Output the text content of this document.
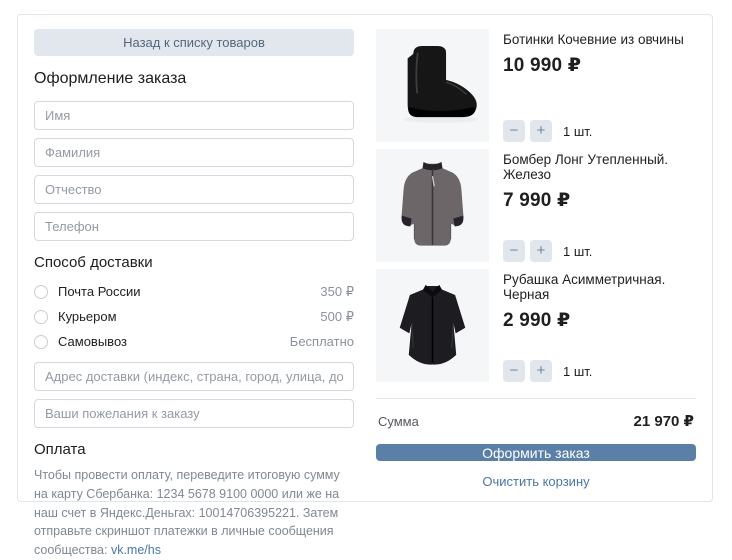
Назад к списку товаров
Оформление заказа
Имя
Фамилия
Отчество
Телефон
Способ доставки
Почта России	350 ₽
Курьером	500 ₽
Самовывоз	Бесплатно
Адрес доставки (индекс, страна, город, улица, дом, квартира)
Ваши пожелания к заказу
Оплата

Чтобы провести оплату, переведите итоговую сумму на карту Сбербанка: 1234 5678 9100 0000 или же на наш счет в Яндекс.Деньгах: 10014706395221. Затем отправьте скриншот платежки в личные сообщения сообщества: vk.me/hs

Ботинки Кочевние из овчины
10 990 ₽
−	+	1 шт.
Бомбер Лонг Утепленный. Железо
7 990 ₽
−	+	1 шт.
Рубашка Асимметричная. Черная
2 990 ₽
−	+	1 шт.
Сумма	21 970 ₽
Оформить заказ
Очистить корзину
